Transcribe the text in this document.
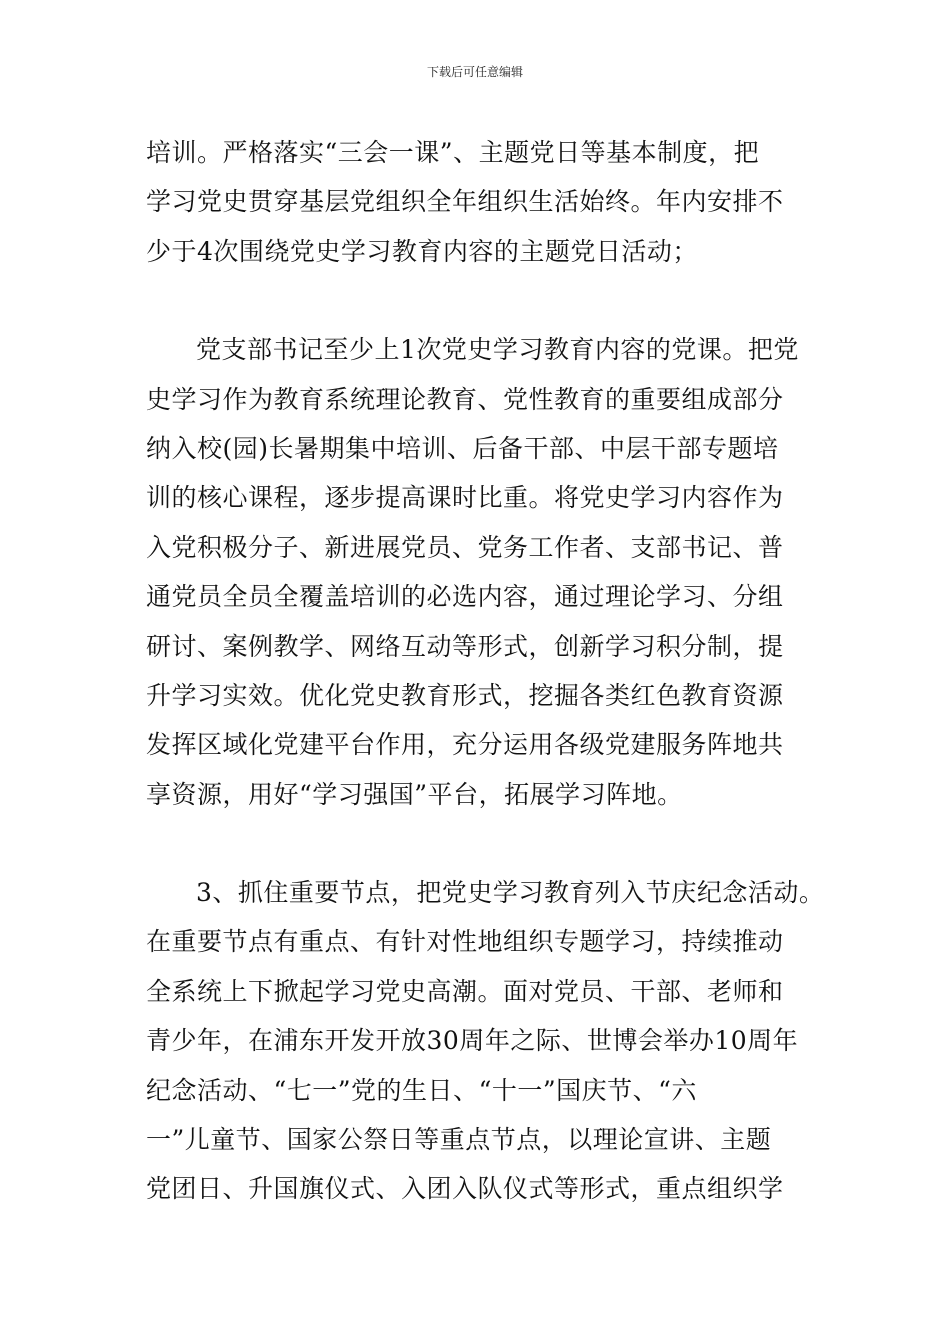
下载后可任意编辑
培训。严格落实“三会一课”、主题党日等基本制度，把
学习党史贯穿基层党组织全年组织生活始终。年内安排不
少于4次围绕党史学习教育内容的主题党日活动；
党支部书记至少上1次党史学习教育内容的党课。把党
史学习作为教育系统理论教育、党性教育的重要组成部分
纳入校(园)长暑期集中培训、后备干部、中层干部专题培
训的核心课程，逐步提高课时比重。将党史学习内容作为
入党积极分子、新进展党员、党务工作者、支部书记、普
通党员全员全覆盖培训的必选内容，通过理论学习、分组
研讨、案例教学、网络互动等形式，创新学习积分制，提
升学习实效。优化党史教育形式，挖掘各类红色教育资源
发挥区域化党建平台作用，充分运用各级党建服务阵地共
享资源，用好“学习强国”平台，拓展学习阵地。
3、抓住重要节点，把党史学习教育列入节庆纪念活动。
在重要节点有重点、有针对性地组织专题学习，持续推动
全系统上下掀起学习党史高潮。面对党员、干部、老师和
青少年，在浦东开发开放30周年之际、世博会举办10周年
纪念活动、“七一”党的生日、“十一”国庆节、“六
一”儿童节、国家公祭日等重点节点，以理论宣讲、主题
党团日、升国旗仪式、入团入队仪式等形式，重点组织学
